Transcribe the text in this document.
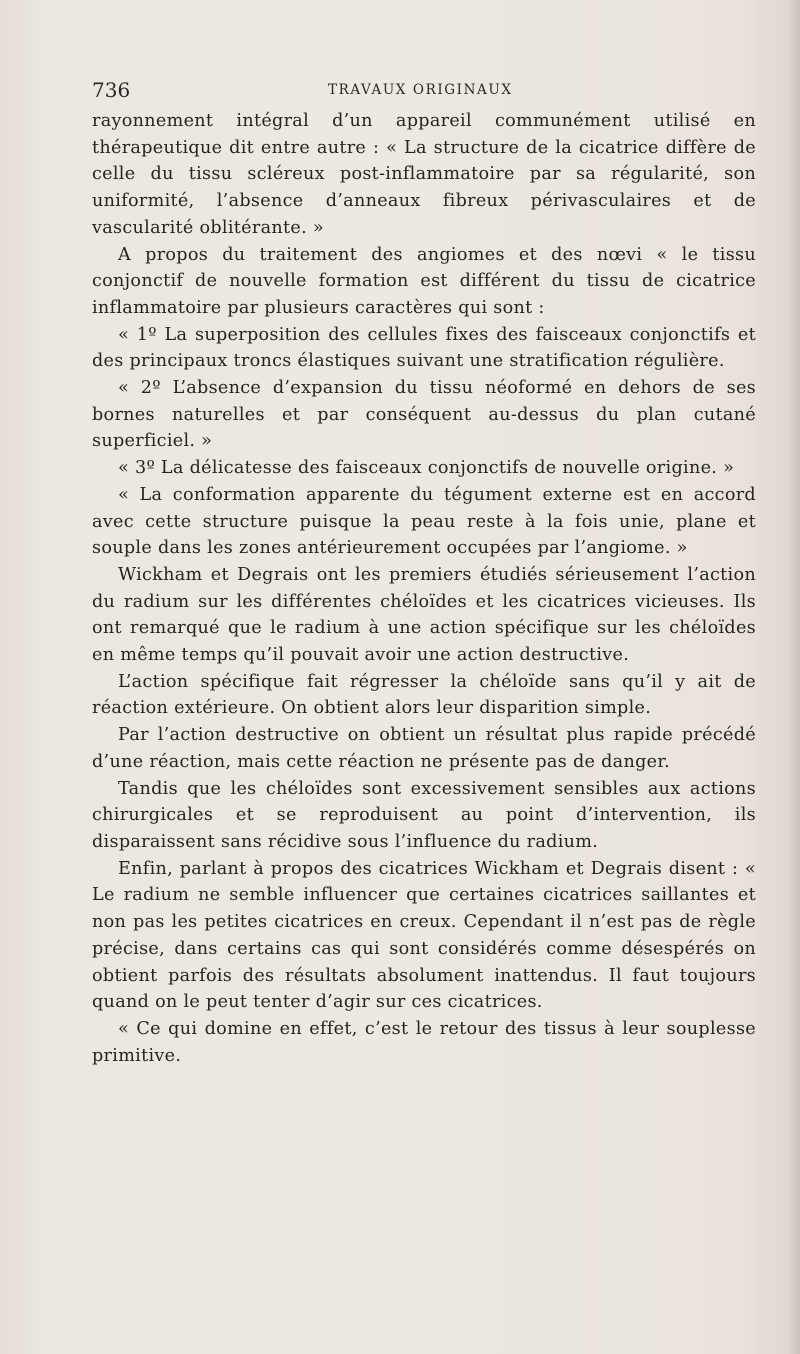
736	TRAVAUX ORIGINAUX

rayonnement intégral d’un appareil communément utilisé en thérapeutique dit entre autre : « La structure de la cicatrice diffère de celle du tissu scléreux post-inflammatoire par sa régularité, son uniformité, l’absence d’anneaux fibreux périvasculaires et de vascularité oblitérante. »

A propos du traitement des angiomes et des nœvi « le tissu conjonctif de nouvelle formation est différent du tissu de cicatrice inflammatoire par plusieurs caractères qui sont :

« 1º La superposition des cellules fixes des faisceaux conjonctifs et des principaux troncs élastiques suivant une stratification régulière.

« 2º L’absence d’expansion du tissu néoformé en dehors de ses bornes naturelles et par conséquent au-dessus du plan cutané superficiel. »

« 3º La délicatesse des faisceaux conjonctifs de nouvelle origine. »

« La conformation apparente du tégument externe est en accord avec cette structure puisque la peau reste à la fois unie, plane et souple dans les zones antérieurement occupées par l’angiome. »

Wickham et Degrais ont les premiers étudiés sérieusement l’action du radium sur les différentes chéloïdes et les cicatrices vicieuses. Ils ont remarqué que le radium à une action spécifique sur les chéloïdes en même temps qu’il pouvait avoir une action destructive.

L’action spécifique fait régresser la chéloïde sans qu’il y ait de réaction extérieure. On obtient alors leur disparition simple.

Par l’action destructive on obtient un résultat plus rapide précédé d’une réaction, mais cette réaction ne présente pas de danger.

Tandis que les chéloïdes sont excessivement sensibles aux actions chirurgicales et se reproduisent au point d’intervention, ils disparaissent sans récidive sous l’influence du radium.

Enfin, parlant à propos des cicatrices Wickham et Degrais disent : « Le radium ne semble influencer que certaines cicatrices saillantes et non pas les petites cicatrices en creux. Cependant il n’est pas de règle précise, dans certains cas qui sont considérés comme désespérés on obtient parfois des résultats absolument inattendus. Il faut toujours quand on le peut tenter d’agir sur ces cicatrices.

« Ce qui domine en effet, c’est le retour des tissus à leur souplesse primitive.
